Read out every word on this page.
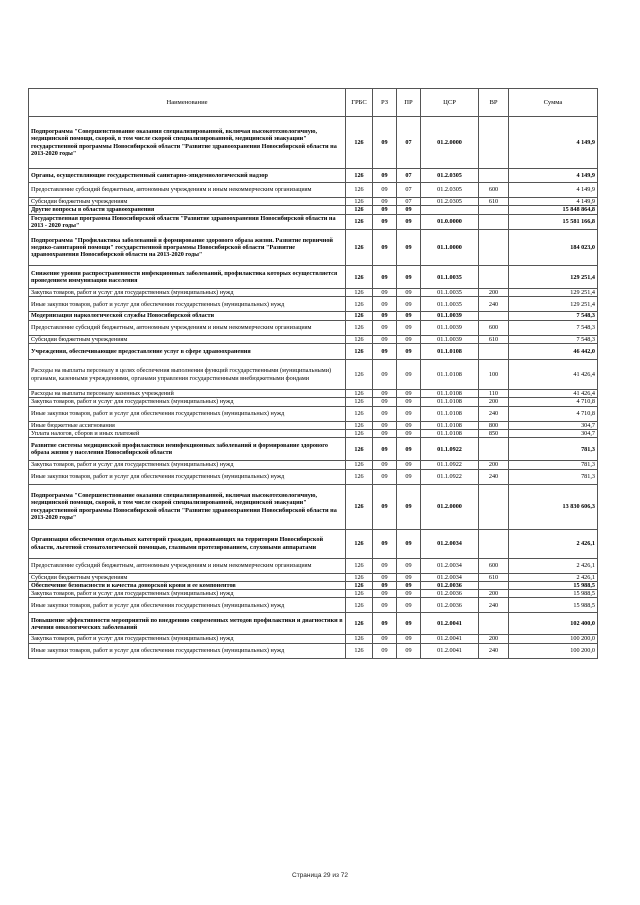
Наименование	ГРБС	РЗ	ПР	ЦСР	ВР	Сумма
Подпрограмма "Совершенствование оказания специализированной, включая высокотехнологичную, медицинской помощи, скорой, в том числе скорой специализированной, медицинской эвакуации" государственной программы Новосибирской области "Развитие здравоохранения Новосибирской области на 2013-2020 годы"	126	09	07	01.2.0000		4 149,9
Органы, осуществляющие государственный санитарно-эпидемиологический надзор	126	09	07	01.2.0305		4 149,9
Предоставление субсидий бюджетным, автономным учреждениям и иным некоммерческим организациям	126	09	07	01.2.0305	600	4 149,9
Субсидии бюджетным учреждениям	126	09	07	01.2.0305	610	4 149,9
Другие вопросы в области здравоохранения	126	09	09			15 848 864,8
Государственная программа Новосибирской области "Развитие здравоохранения Новосибирской области на 2013 - 2020 годы"	126	09	09	01.0.0000		15 581 166,8
Подпрограмма "Профилактика заболеваний и формирование здорового образа жизни. Развитие первичной медико-санитарной помощи" государственной программы Новосибирской области "Развитие здравоохранения Новосибирской области на 2013-2020 годы"	126	09	09	01.1.0000		184 023,0
Снижение уровня распространенности инфекционных заболеваний, профилактика которых осуществляется проведением иммунизации населения	126	09	09	01.1.0035		129 251,4
Закупка товаров, работ и услуг для государственных (муниципальных) нужд	126	09	09	01.1.0035	200	129 251,4
Иные закупки товаров, работ и услуг для обеспечения государственных (муниципальных) нужд	126	09	09	01.1.0035	240	129 251,4
Модернизация наркологической службы Новосибирской области	126	09	09	01.1.0039		7 548,3
Предоставление субсидий бюджетным, автономным учреждениям и иным некоммерческим организациям	126	09	09	01.1.0039	600	7 548,3
Субсидии бюджетным учреждениям	126	09	09	01.1.0039	610	7 548,3
Учреждения, обеспечивающие предоставление услуг в сфере здравоохранения	126	09	09	01.1.0108		46 442,0
Расходы на выплаты персоналу в целях обеспечения выполнения функций государственными (муниципальными) органами, казенными учреждениями, органами управления государственными внебюджетными фондами	126	09	09	01.1.0108	100	41 426,4
Расходы на выплаты персоналу казенных учреждений	126	09	09	01.1.0108	110	41 426,4
Закупка товаров, работ и услуг для государственных (муниципальных) нужд	126	09	09	01.1.0108	200	4 710,8
Иные закупки товаров, работ и услуг для обеспечения государственных (муниципальных) нужд	126	09	09	01.1.0108	240	4 710,8
Иные бюджетные ассигнования	126	09	09	01.1.0108	800	304,7
Уплата налогов, сборов и иных платежей	126	09	09	01.1.0108	850	304,7
Развитие системы медицинской профилактики неинфекционных заболеваний и формирование здорового образа жизни у населения Новосибирской области	126	09	09	01.1.0922		781,3
Закупка товаров, работ и услуг для государственных (муниципальных) нужд	126	09	09	01.1.0922	200	781,3
Иные закупки товаров, работ и услуг для обеспечения государственных (муниципальных) нужд	126	09	09	01.1.0922	240	781,3
Подпрограмма "Совершенствование оказания специализированной, включая высокотехнологичную, медицинской помощи, скорой, в том числе скорой специализированной, медицинской эвакуации" государственной программы Новосибирской области "Развитие здравоохранения Новосибирской области на 2013-2020 годы"	126	09	09	01.2.0000		13 830 606,3
Организация обеспечения отдельных категорий граждан, проживающих на территории Новосибирской области, льготной стоматологической помощью, глазными протезированием, слуховыми аппаратами	126	09	09	01.2.0034		2 426,1
Предоставление субсидий бюджетным, автономным учреждениям и иным некоммерческим организациям	126	09	09	01.2.0034	600	2 426,1
Субсидии бюджетным учреждениям	126	09	09	01.2.0034	610	2 426,1
Обеспечение безопасности и качества донорской крови и ее компонентов	126	09	09	01.2.0036		15 988,5
Закупка товаров, работ и услуг для государственных (муниципальных) нужд	126	09	09	01.2.0036	200	15 988,5
Иные закупки товаров, работ и услуг для обеспечения государственных (муниципальных) нужд	126	09	09	01.2.0036	240	15 988,5
Повышение эффективности мероприятий по внедрению современных методов профилактики и диагностики в лечения онкологических заболеваний	126	09	09	01.2.0041		102 400,0
Закупка товаров, работ и услуг для государственных (муниципальных) нужд	126	09	09	01.2.0041	200	100 200,0
Иные закупки товаров, работ и услуг для обеспечения государственных (муниципальных) нужд	126	09	09	01.2.0041	240	100 200,0
Страница 29 из 72
